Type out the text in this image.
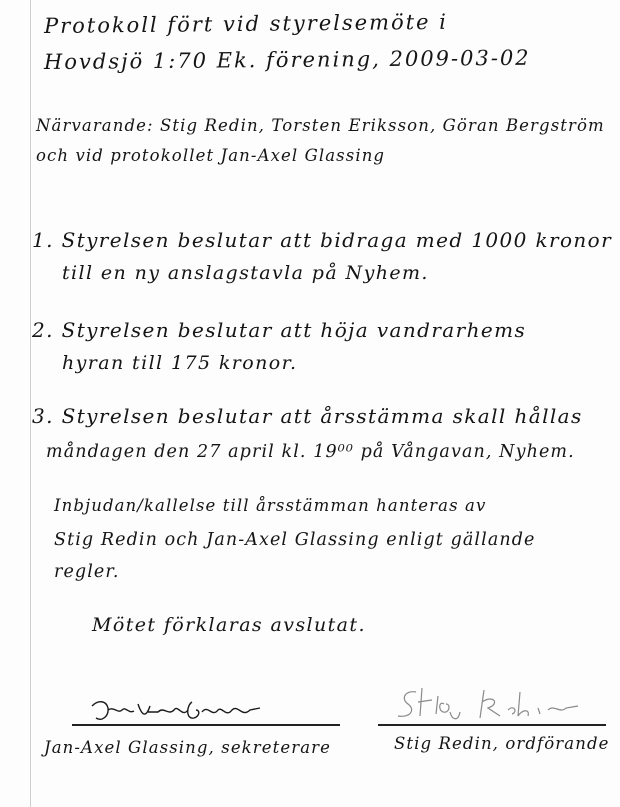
Protokoll fört vid styrelsemöte i
Hovdsjö 1:70 Ek. förening, 2009-03-02
Närvarande: Stig Redin, Torsten Eriksson, Göran Bergström
och vid protokollet Jan-Axel Glassing
1. Styrelsen beslutar att bidraga med 1000 kronor
till en ny anslagstavla på Nyhem.
2. Styrelsen beslutar att höja vandrarhems
hyran till 175 kronor.
3. Styrelsen beslutar att årsstämma skall hållas
måndagen den 27 april kl. 19⁰⁰ på Vångavan, Nyhem.
Inbjudan/kallelse till årsstämman hanteras av
Stig Redin och Jan-Axel Glassing enligt gällande
regler.
Mötet förklaras avslutat.
Jan-Axel Glassing, sekreterare	Stig Redin, ordförande
